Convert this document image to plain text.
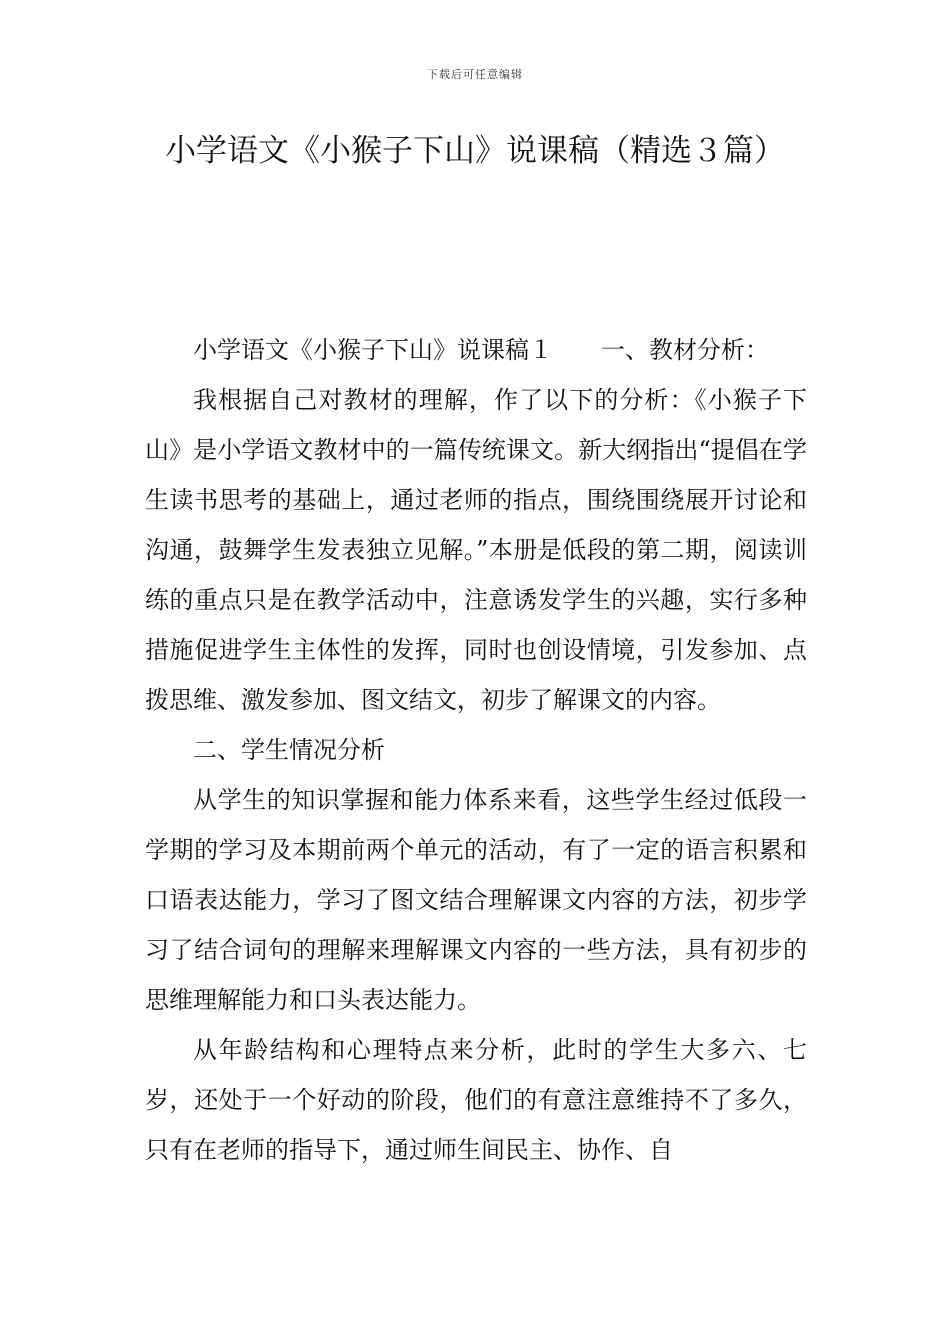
下载后可任意编辑
小学语文《小猴子下山》说课稿（精选３篇）

小学语文《小猴子下山》说课稿１ 一、教材分析：

我根据自己对教材的理解，作了以下的分析：《小猴子下山》是小学语文教材中的一篇传统课文。新大纲指出“提倡在学生读书思考的基础上，通过老师的指点，围绕围绕展开讨论和沟通，鼓舞学生发表独立见解。”本册是低段的第二期，阅读训练的重点只是在教学活动中，注意诱发学生的兴趣，实行多种措施促进学生主体性的发挥，同时也创设情境，引发参加、点拨思维、激发参加、图文结文，初步了解课文的内容。

二、学生情况分析

从学生的知识掌握和能力体系来看，这些学生经过低段一学期的学习及本期前两个单元的活动，有了一定的语言积累和口语表达能力，学习了图文结合理解课文内容的方法，初步学习了结合词句的理解来理解课文内容的一些方法，具有初步的思维理解能力和口头表达能力。

从年龄结构和心理特点来分析，此时的学生大多六、七岁，还处于一个好动的阶段，他们的有意注意维持不了多久，只有在老师的指导下，通过师生间民主、协作、自
